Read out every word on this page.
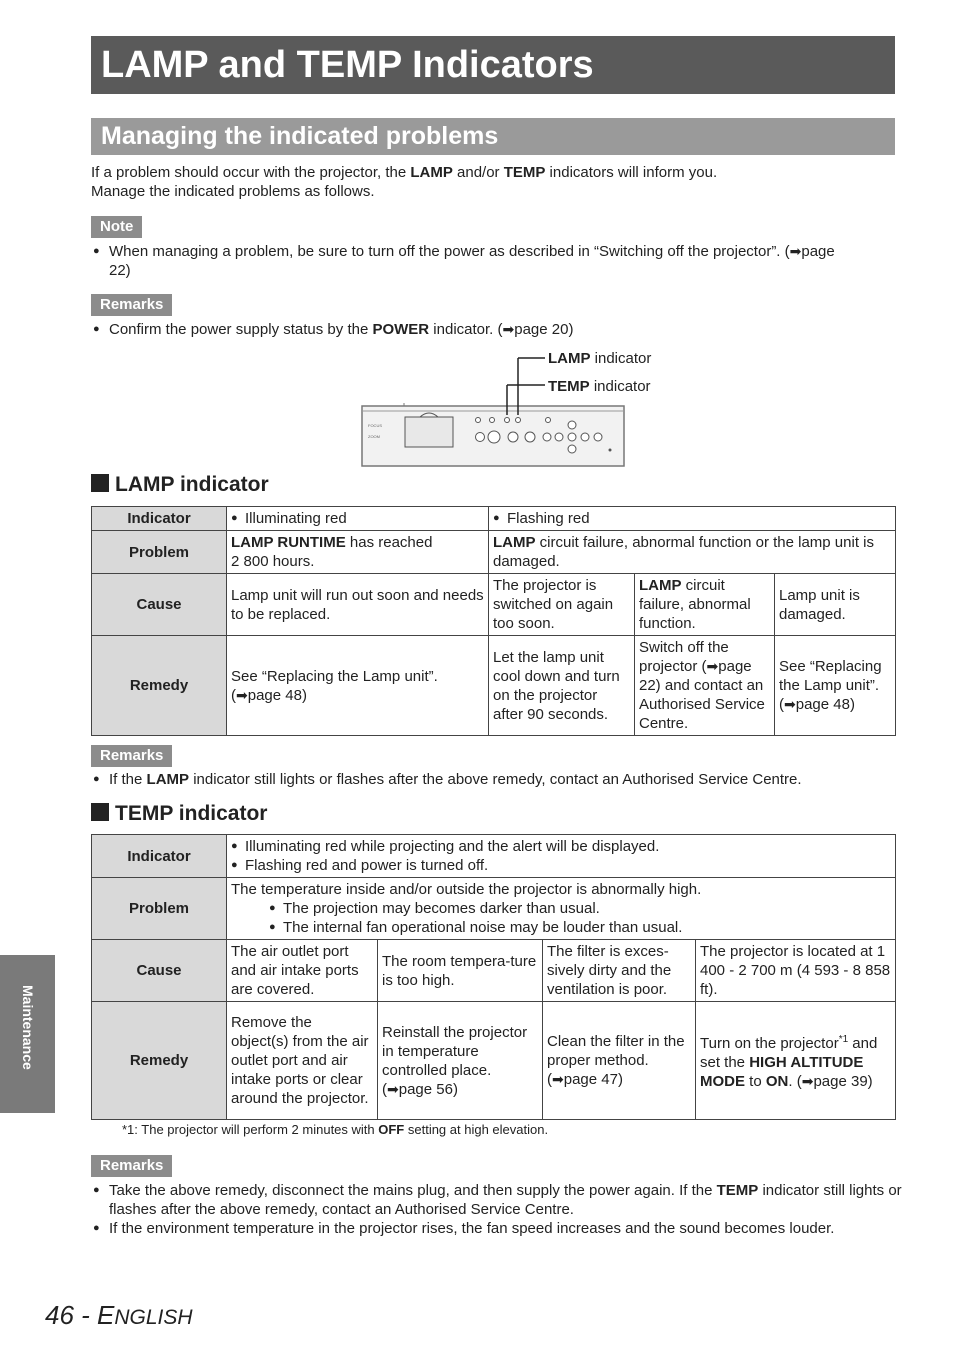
LAMP and TEMP Indicators
Managing the indicated problems
If a problem should occur with the projector, the LAMP and/or TEMP indicators will inform you.
Manage the indicated problems as follows.
Note
● When managing a problem, be sure to turn off the power as described in “Switching off the projector”. (➡page
22)
Remarks
● Confirm the power supply status by the POWER indicator. (➡page 20)
FOCUS
ZOOM
LAMP indicator
TEMP indicator
LAMP indicator
Indicator	● Illuminating red	● Flashing red
Problem	LAMP RUNTIME has reached
2 800 hours.	LAMP circuit failure, abnormal function or the lamp unit is damaged.		
Cause	Lamp unit will run out soon and needs to be replaced.	The projector is switched on again too soon.	LAMP circuit failure, abnormal function.	Lamp unit is damaged.
Remedy	See “Replacing the Lamp unit”.
(➡page 48)	Let the lamp unit cool down and turn on the projector after 90 seconds.	Switch off the projector (➡page 22) and contact an Authorised Service Centre.	See “Replacing the Lamp unit”. (➡page 48)
Remarks
● If the LAMP indicator still lights or flashes after the above remedy, contact an Authorised Service Centre.
TEMP indicator
Indicator	● Illuminating red while projecting and the alert will be displayed.
● Flashing red and power is turned off.
Problem	The temperature inside and/or outside the projector is abnormally high.
● The projection may becomes darker than usual.
● The internal fan operational noise may be louder than usual.
Cause	The air outlet port and air intake ports are covered.	The room tempera-ture is too high.	The filter is exces-sively dirty and the ventilation is poor.	The projector is located at 1 400 - 2 700 m (4 593 - 8 858 ft).
Remedy	Remove the object(s) from the air outlet port and air intake ports or clear around the projector.	Reinstall the projector in temperature controlled place. (➡page 56)	Clean the filter in the proper method. (➡page 47)	Turn on the projector$^{*1}$ and set the HIGH ALTITUDE MODE to ON. (➡page 39)
*1: The projector will perform 2 minutes with OFF setting at high elevation.
Remarks
● Take the above remedy, disconnect the mains plug, and then supply the power again. If the TEMP indicator still lights or flashes after the above remedy, contact an Authorised Service Centre.
● If the environment temperature in the projector rises, the fan speed increases and the sound becomes louder.
Maintenance
46 - ENGLISH
